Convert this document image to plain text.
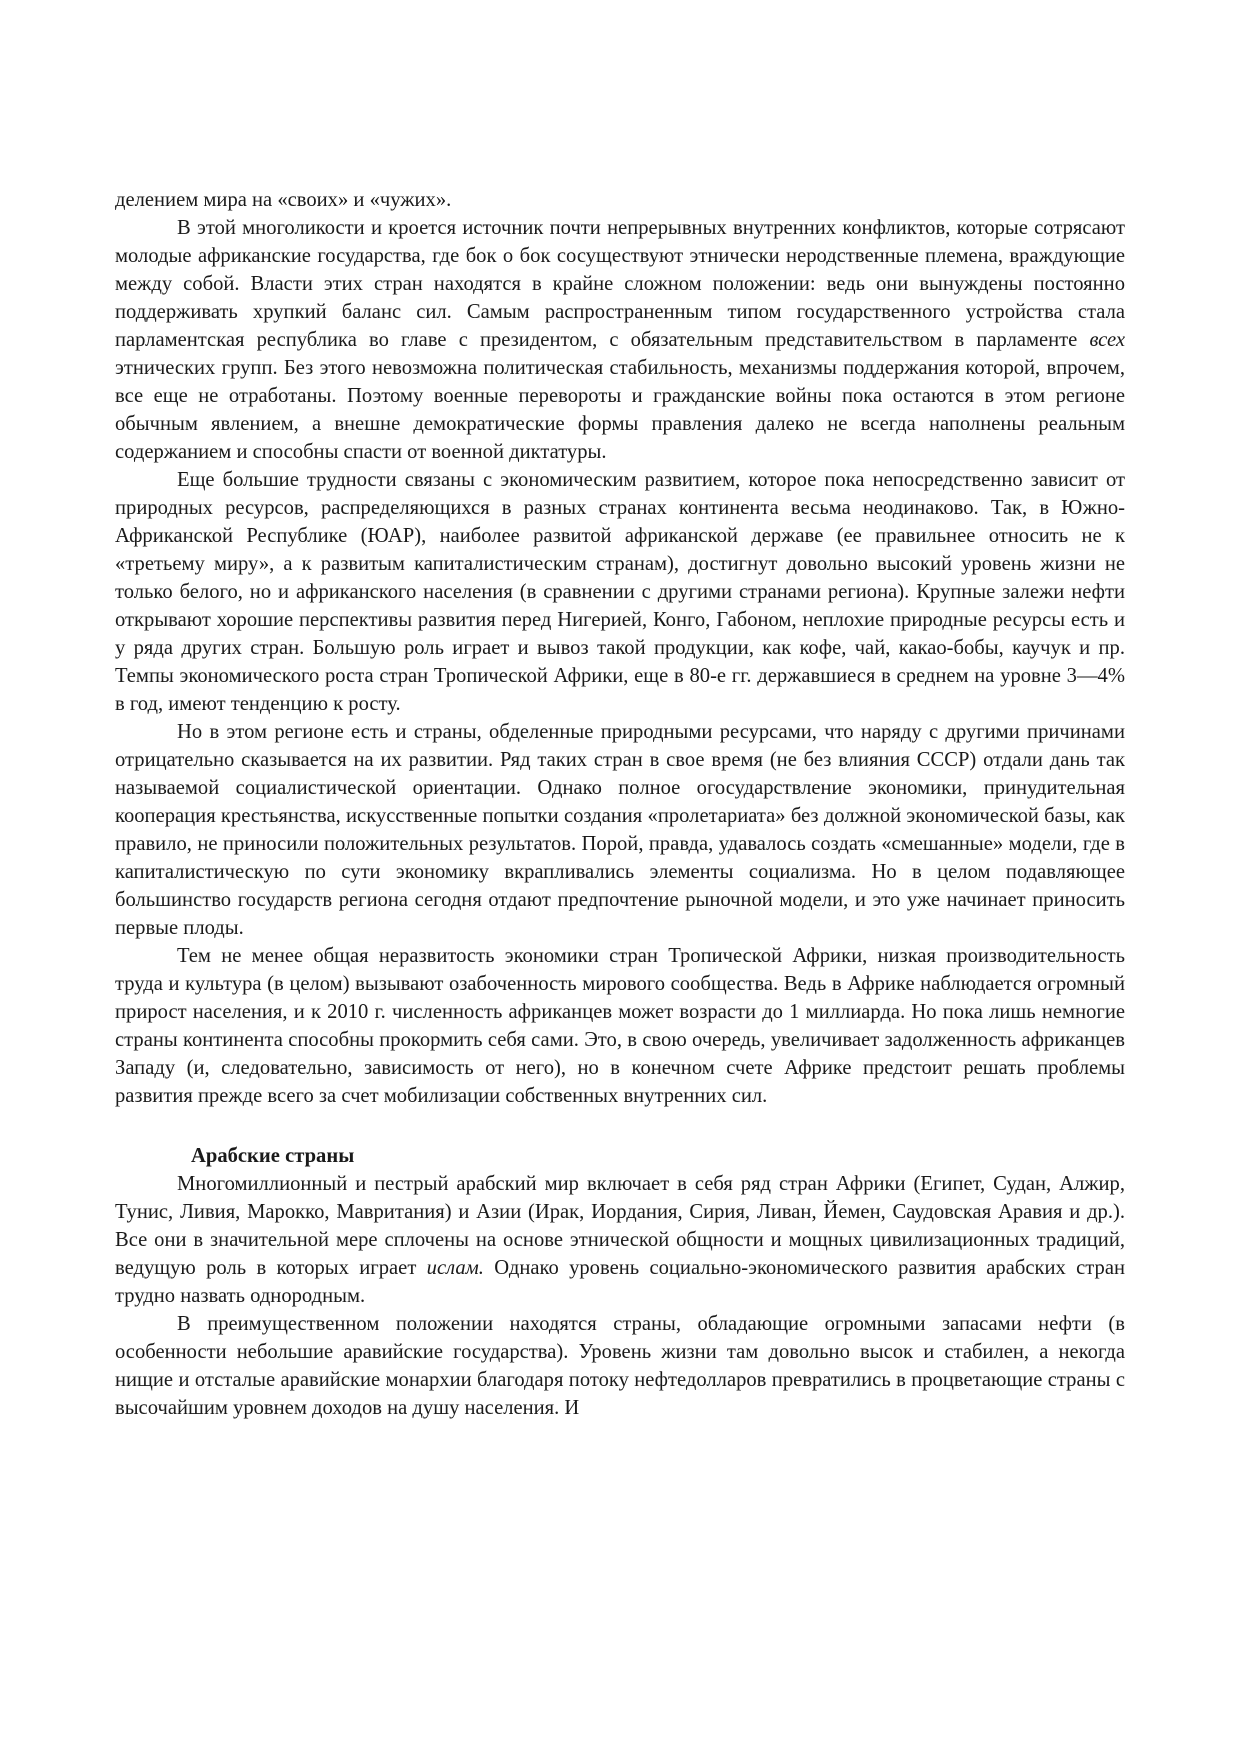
делением мира на «своих» и «чужих».

В этой многоликости и кроется источник почти непрерывных внутренних конфликтов, которые сотрясают молодые африканские государства, где бок о бок сосуществуют этнически неродственные племена, враждующие между собой. Власти этих стран находятся в крайне сложном положении: ведь они вынуждены постоянно поддерживать хрупкий баланс сил. Самым распространенным типом государственного устройства стала парламентская республика во главе с президентом, с обязательным представительством в парламенте всех этнических групп. Без этого невозможна политическая стабильность, механизмы поддержания которой, впрочем, все еще не отработаны. Поэтому военные перевороты и гражданские войны пока остаются в этом регионе обычным явлением, а внешне демократические формы правления далеко не всегда наполнены реальным содержанием и способны спасти от военной диктатуры.

Еще большие трудности связаны с экономическим развитием, которое пока непосредственно зависит от природных ресурсов, распределяющихся в разных странах континента весьма неодинаково. Так, в Южно-Африканской Республике (ЮАР), наиболее развитой африканской державе (ее правильнее относить не к «третьему миру», а к развитым капиталистическим странам), достигнут довольно высокий уровень жизни не только белого, но и африканского населения (в сравнении с другими странами региона). Крупные залежи нефти открывают хорошие перспективы развития перед Нигерией, Конго, Габоном, неплохие природные ресурсы есть и у ряда других стран. Большую роль играет и вывоз такой продукции, как кофе, чай, какао-бобы, каучук и пр. Темпы экономического роста стран Тропической Африки, еще в 80-е гг. державшиеся в среднем на уровне 3—4% в год, имеют тенденцию к росту.

Но в этом регионе есть и страны, обделенные природными ресурсами, что наряду с другими причинами отрицательно сказывается на их развитии. Ряд таких стран в свое время (не без влияния СССР) отдали дань так называемой социалистической ориентации. Однако полное огосударствление экономики, принудительная кооперация крестьянства, искусственные попытки создания «пролетариата» без должной экономической базы, как правило, не приносили положительных результатов. Порой, правда, удавалось создать «смешанные» модели, где в капиталистическую по сути экономику вкрапливались элементы социализма. Но в целом подавляющее большинство государств региона сегодня отдают предпочтение рыночной модели, и это уже начинает приносить первые плоды.

Тем не менее общая неразвитость экономики стран Тропической Африки, низкая производительность труда и культура (в целом) вызывают озабоченность мирового сообщества. Ведь в Африке наблюдается огромный прирост населения, и к 2010 г. численность африканцев может возрасти до 1 миллиарда. Но пока лишь немногие страны континента способны прокормить себя сами. Это, в свою очередь, увеличивает задолженность африканцев Западу (и, следовательно, зависимость от него), но в конечном счете Африке предстоит решать проблемы развития прежде всего за счет мобилизации собственных внутренних сил.

Арабские страны

Многомиллионный и пестрый арабский мир включает в себя ряд стран Африки (Египет, Судан, Алжир, Тунис, Ливия, Марокко, Мавритания) и Азии (Ирак, Иордания, Сирия, Ливан, Йемен, Саудовская Аравия и др.). Все они в значительной мере сплочены на основе этнической общности и мощных цивилизационных традиций, ведущую роль в которых играет ислам. Однако уровень социально-экономического развития арабских стран трудно назвать однородным.

В преимущественном положении находятся страны, обладающие огромными запасами нефти (в особенности небольшие аравийские государства). Уровень жизни там довольно высок и стабилен, а некогда нищие и отсталые аравийские монархии благодаря потоку нефтедолларов превратились в процветающие страны с высочайшим уровнем доходов на душу населения. И
